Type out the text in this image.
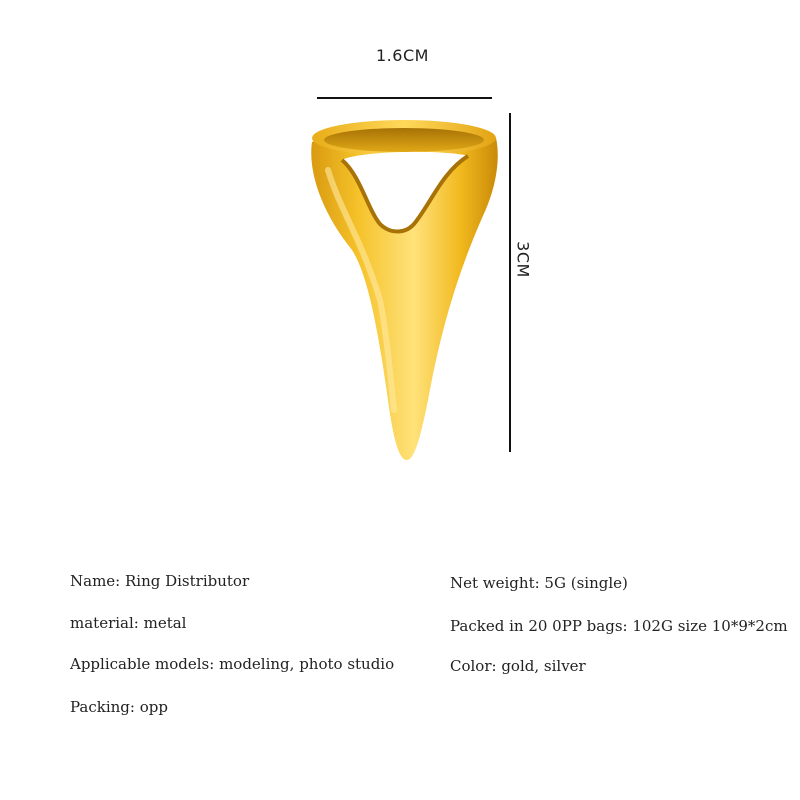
1.6CM
3CM
Name: Ring Distributor
material: metal
Applicable models: modeling, photo studio
Packing: opp
Net weight: 5G (single)
Packed in 20 0PP bags: 102G size 10*9*2cm
Color: gold, silver
